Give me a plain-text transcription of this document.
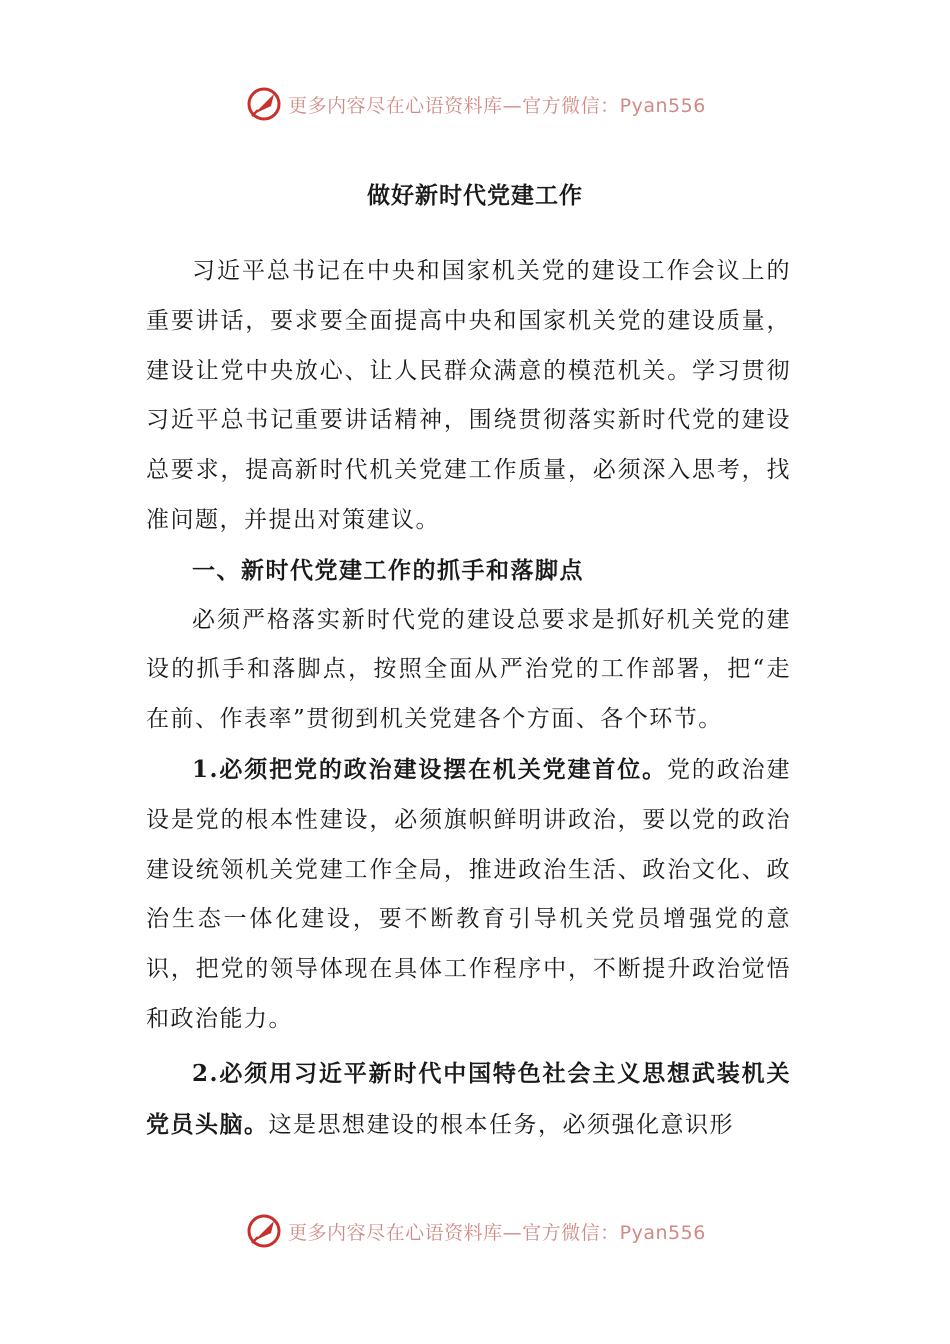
更多内容尽在心语资料库—官方微信：Pyan556
做好新时代党建工作

习近平总书记在中央和国家机关党的建设工作会议上的重要讲话，要求要全面提高中央和国家机关党的建设质量，建设让党中央放心、让人民群众满意的模范机关。学习贯彻习近平总书记重要讲话精神，围绕贯彻落实新时代党的建设总要求，提高新时代机关党建工作质量，必须深入思考，找准问题，并提出对策建议。

一、新时代党建工作的抓手和落脚点

必须严格落实新时代党的建设总要求是抓好机关党的建设的抓手和落脚点，按照全面从严治党的工作部署，把“走在前、作表率”贯彻到机关党建各个方面、各个环节。

1.必须把党的政治建设摆在机关党建首位。党的政治建设是党的根本性建设，必须旗帜鲜明讲政治，要以党的政治建设统领机关党建工作全局，推进政治生活、政治文化、政治生态一体化建设，要不断教育引导机关党员增强党的意识，把党的领导体现在具体工作程序中，不断提升政治觉悟和政治能力。

2.必须用习近平新时代中国特色社会主义思想武装机关党员头脑。这是思想建设的根本任务，必须强化意识形

更多内容尽在心语资料库—官方微信：Pyan556
